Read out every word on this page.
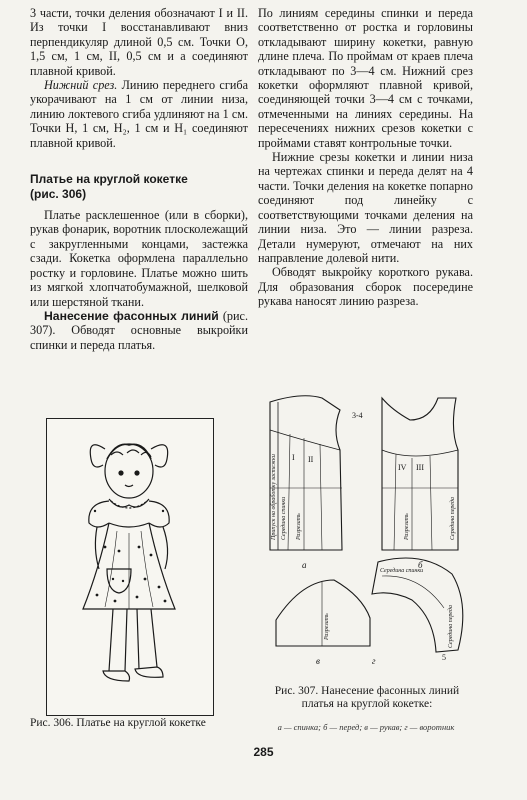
3 части, точки деления обозначают I и II. Из точки I восстанавливают вниз перпендикуляр длиной 0,5 см. Точки O, 1,5 см, 1 см, II, 0,5 см и a соединяют плавной кривой.

Нижний срез. Линию переднего сгиба укорачивают на 1 см от линии низа, линию локтевого сгиба удлиняют на 1 см. Точки H, 1 см, H₂, 1 см и H₁ соединяют плавной кривой.

Платье на круглой кокетке

(рис. 306)

Платье расклешенное (или в сборки), рукав фонарик, воротник плосколежащий с закругленными концами, застежка сзади. Кокетка оформлена параллельно ростку и горловине. Платье можно шить из мягкой хлопчатобумажной, шелковой или шерстяной ткани.

Нанесение фасонных линий (рис. 307). Обводят основные выкройки спинки и переда платья.

По линиям середины спинки и переда соответственно от ростка и горловины откладывают ширину кокетки, равную длине плеча. По проймам от краев плеча откладывают по 3—4 см. Нижний срез кокетки оформляют плавной кривой, соединяющей точки 3—4 см с точками, отмеченными на линиях середины. На пересечениях нижних срезов кокетки с проймами ставят контрольные точки.

Нижние срезы кокетки и линии низа на чертежах спинки и переда делят на 4 части. Точки деления на кокетке попарно соединяют под линейку с соответствующими точками деления на линии низа. Это — линии разреза. Детали нумеруют, отмечают на них направление долевой нити.

Обводят выкройку короткого рукава. Для образования сборок посередине рукава наносят линию разреза.

Рис. 306. Платье на круглой кокетке
I II
IV III
3-4
5
а	б
в	г
Припуск на обработку застежки Середина спинки Разрезать	Разрезать	Середина переда
Разрезать
Середина спинки
Середина переда
Рис. 307. Нанесение фасонных линий платья на круглой кокетке:
а — спинка; б — перед; в — рукав; г — воротник
285
